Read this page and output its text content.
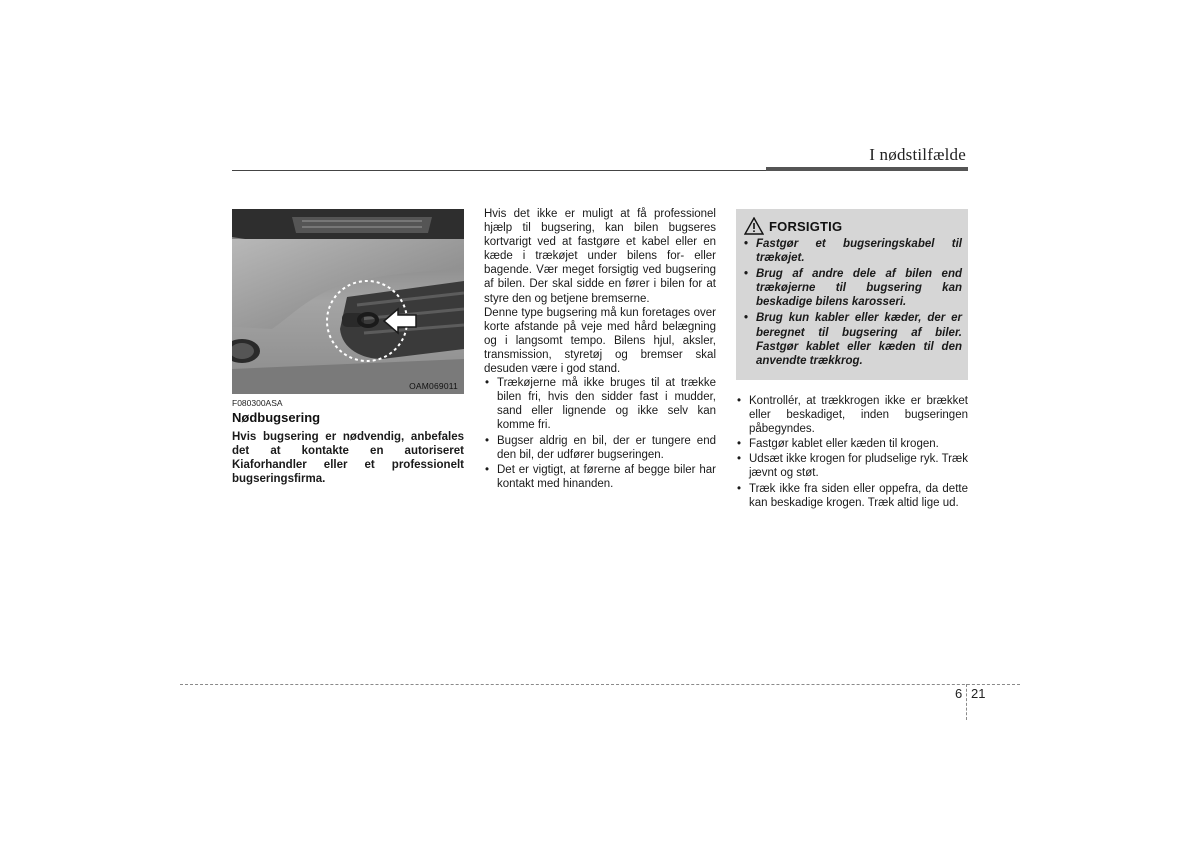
I nødstilfælde
OAM069011
F080300ASA
Nødbugsering

Hvis bugsering er nødvendig, anbefales det at kontakte en autoriseret Kiaforhandler eller et professionelt bugseringsfirma.

Hvis det ikke er muligt at få professionel hjælp til bugsering, kan bilen bugseres kortvarigt ved at fastgøre et kabel eller en kæde i trækøjet under bilens for- eller bagende. Vær meget forsigtig ved bugsering af bilen. Der skal sidde en fører i bilen for at styre den og betjene bremserne.

Denne type bugsering må kun foretages over korte afstande på veje med hård belægning og i langsomt tempo. Bilens hjul, aksler, transmission, styretøj og bremser skal desuden være i god stand.

• Trækøjerne må ikke bruges til at trække bilen fri, hvis den sidder fast i mudder, sand eller lignende og ikke selv kan komme fri.
• Bugser aldrig en bil, der er tungere end den bil, der udfører bugseringen.
• Det er vigtigt, at førerne af begge biler har kontakt med hinanden.
FORSIGTIG
• Fastgør et bugseringskabel til trækøjet.
• Brug af andre dele af bilen end trækøjerne til bugsering kan beskadige bilens karosseri.
• Brug kun kabler eller kæder, der er beregnet til bugsering af biler. Fastgør kablet eller kæden til den anvendte trækkrog.
• Kontrollér, at trækkrogen ikke er brækket eller beskadiget, inden bugseringen påbegyndes.
• Fastgør kablet eller kæden til krogen.
• Udsæt ikke krogen for pludselige ryk. Træk jævnt og støt.
• Træk ikke fra siden eller oppefra, da dette kan beskadige krogen. Træk altid lige ud.
6 21
